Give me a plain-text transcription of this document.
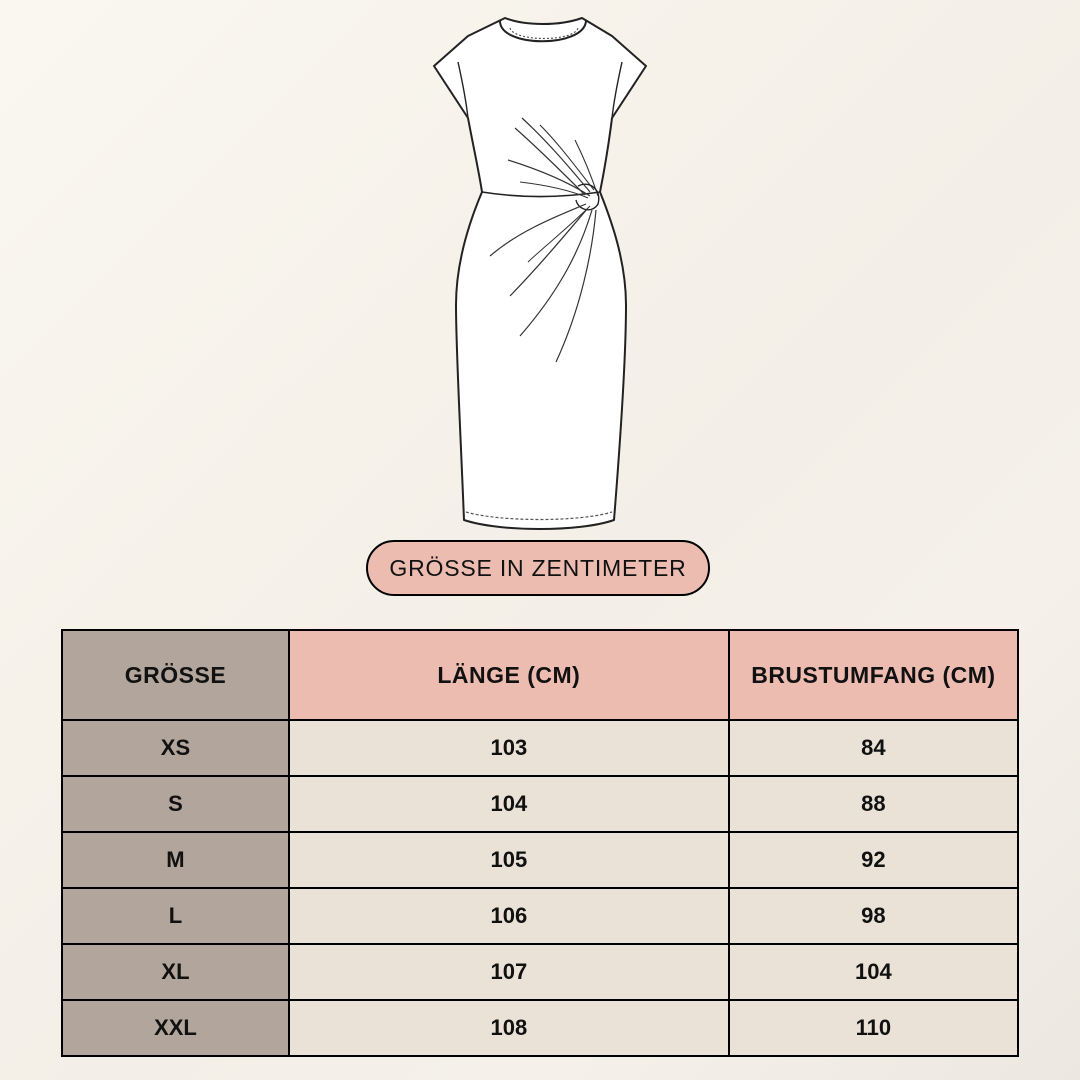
GRÖSSE IN ZENTIMETER
GRÖSSE	LÄNGE (CM)	BRUSTUMFANG (CM)
XS	103	84
S	104	88
M	105	92
L	106	98
XL	107	104
XXL	108	110
